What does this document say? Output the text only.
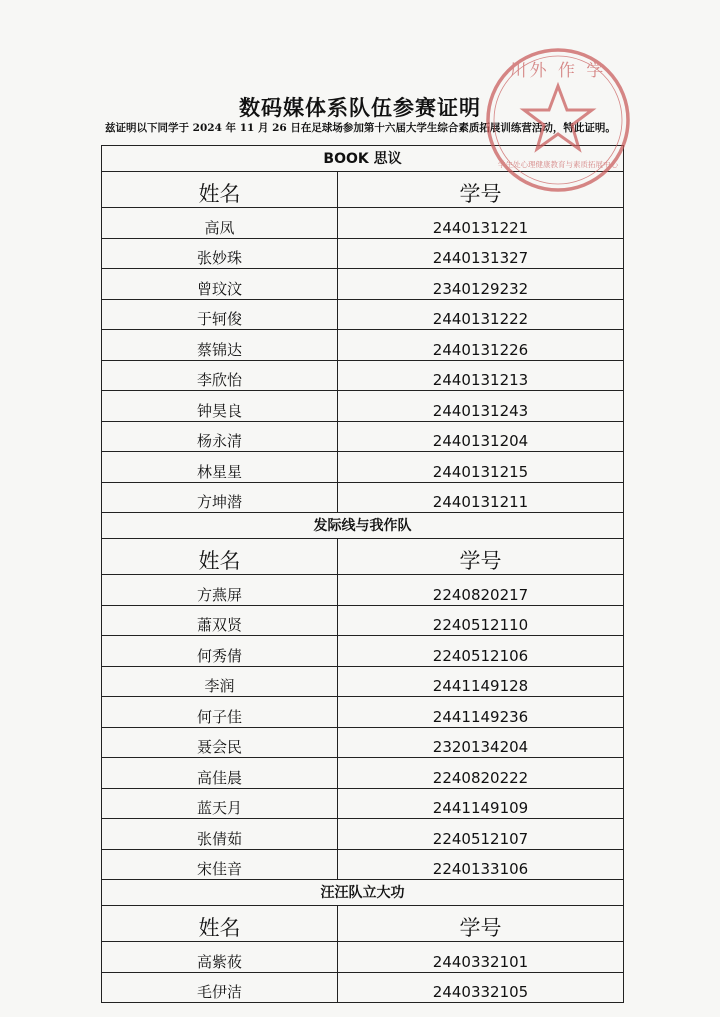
数码媒体系队伍参赛证明
兹证明以下同学于 2024 年 11 月 26 日在足球场参加第十六届大学生综合素质拓展训练营活动，特此证明。
BOOK 思议	
姓名	学号
高凤	2440131221
张妙珠	2440131327
曾玟汶	2340129232
于轲俊	2440131222
蔡锦达	2440131226
李欣怡	2440131213
钟昊良	2440131243
杨永清	2440131204
林星星	2440131215
方坤潜	2440131211
发际线与我作队	
姓名	学号
方燕屏	2240820217
蕭双贤	2240512110
何秀倩	2240512106
李润	2441149128
何子佳	2441149236
聂会民	2320134204
高佳晨	2240820222
蓝天月	2441149109
张倩茹	2240512107
宋佳音	2240133106
汪汪队立大功	
姓名	学号
高紫莜	2440332101
毛伊洁	2440332105
川外 作 学
学生处心理健康教育与素质拓展中心
